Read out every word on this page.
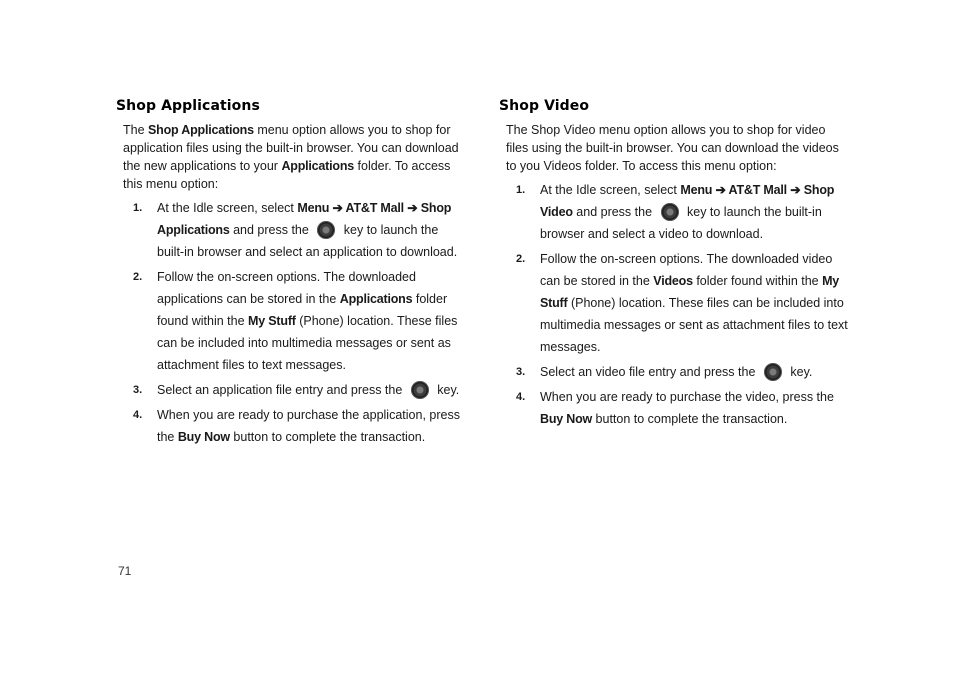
Shop Applications

The Shop Applications menu option allows you to shop for application files using the built-in browser. You can download the new applications to your Applications folder. To access this menu option:

1. At the Idle screen, select Menu ➔ AT&T Mall ➔ Shop Applications and press the  key to launch the built-in browser and select an application to download.
2. Follow the on-screen options. The downloaded applications can be stored in the Applications folder found within the My Stuff (Phone) location. These files can be included into multimedia messages or sent as attachment files to text messages.
3. Select an application file entry and press the  key.
4. When you are ready to purchase the application, press the Buy Now button to complete the transaction.
Shop Video

The Shop Video menu option allows you to shop for video files using the built-in browser. You can download the videos to you Videos folder. To access this menu option:

1. At the Idle screen, select Menu ➔ AT&T Mall ➔ Shop Video and press the  key to launch the built-in browser and select a video to download.
2. Follow the on-screen options. The downloaded video can be stored in the Videos folder found within the My Stuff (Phone) location. These files can be included into multimedia messages or sent as attachment files to text messages.
3. Select an video file entry and press the  key.
4. When you are ready to purchase the video, press the Buy Now button to complete the transaction.
71
